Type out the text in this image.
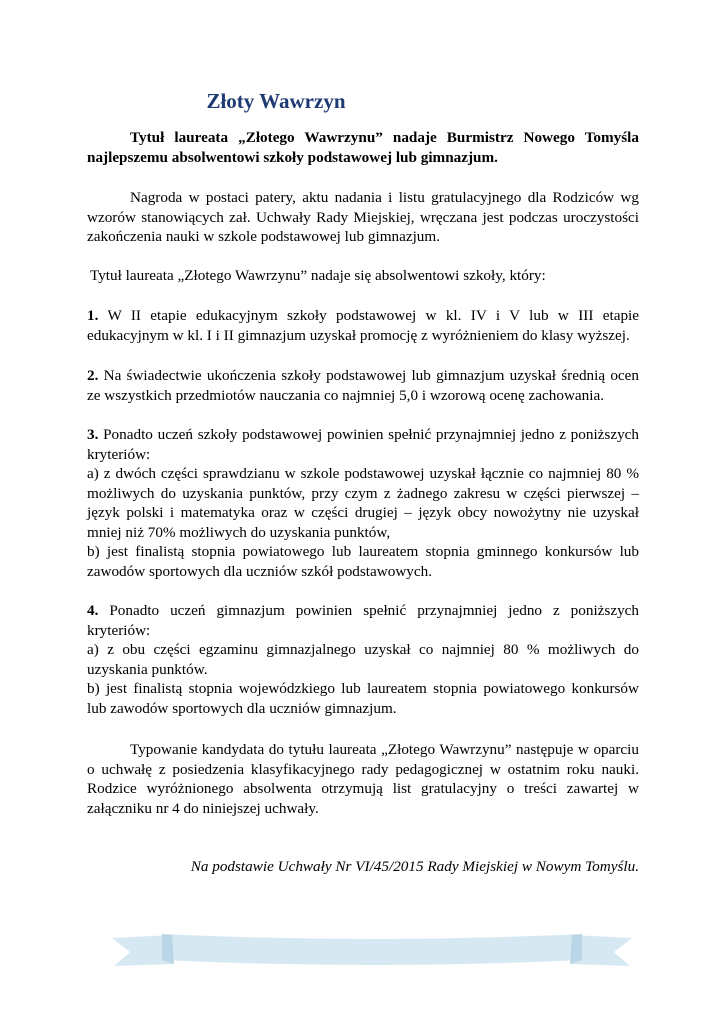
Złoty Wawrzyn

Tytuł laureata „Złotego Wawrzynu” nadaje Burmistrz Nowego Tomyśla najlepszemu absolwentowi szkoły podstawowej lub gimnazjum.

Nagroda w postaci patery, aktu nadania i listu gratulacyjnego dla Rodziców wg wzorów stanowiących zał. Uchwały Rady Miejskiej, wręczana jest podczas uroczystości zakończenia nauki w szkole podstawowej lub gimnazjum.

Tytuł laureata „Złotego Wawrzynu” nadaje się absolwentowi szkoły, który:

1. W II etapie edukacyjnym szkoły podstawowej w kl. IV i V lub w III etapie edukacyjnym w kl. I i II gimnazjum uzyskał promocję z wyróżnieniem do klasy wyższej.

2. Na świadectwie ukończenia szkoły podstawowej lub gimnazjum uzyskał średnią ocen ze wszystkich przedmiotów nauczania co najmniej 5,0 i wzorową ocenę zachowania.

3. Ponadto uczeń szkoły podstawowej powinien spełnić przynajmniej jedno z poniższych kryteriów:

a) z dwóch części sprawdzianu w szkole podstawowej uzyskał łącznie co najmniej 80 % możliwych do uzyskania punktów, przy czym z żadnego zakresu w części pierwszej – język polski i matematyka oraz w części drugiej – język obcy nowożytny nie uzyskał mniej niż 70% możliwych do uzyskania punktów,

b) jest finalistą stopnia powiatowego lub laureatem stopnia gminnego konkursów lub zawodów sportowych dla uczniów szkół podstawowych.

4. Ponadto uczeń gimnazjum powinien spełnić przynajmniej jedno z poniższych kryteriów:

a) z obu części egzaminu gimnazjalnego uzyskał co najmniej 80 % możliwych do uzyskania punktów.

b) jest finalistą stopnia wojewódzkiego lub laureatem stopnia powiatowego konkursów lub zawodów sportowych dla uczniów gimnazjum.

Typowanie kandydata do tytułu laureata „Złotego Wawrzynu” następuje w oparciu o uchwałę z posiedzenia klasyfikacyjnego rady pedagogicznej w ostatnim roku nauki. Rodzice wyróżnionego absolwenta otrzymują list gratulacyjny o treści zawartej w załączniku nr 4 do niniejszej uchwały.

Na podstawie Uchwały Nr VI/45/2015 Rady Miejskiej w Nowym Tomyślu.
